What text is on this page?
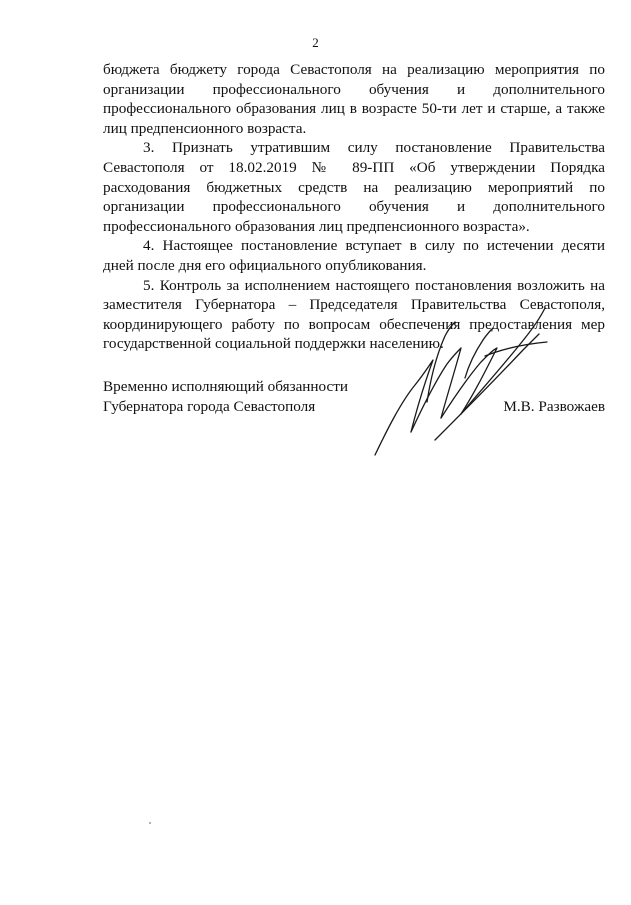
2

бюджета бюджету города Севастополя на реализацию мероприятия по организации профессионального обучения и дополнительного профессионального образования лиц в возрасте 50-ти лет и старше, а также лиц предпенсионного возраста.

3. Признать утратившим силу постановление Правительства Севастополя от 18.02.2019 № 89-ПП «Об утверждении Порядка расходования бюджетных средств на реализацию мероприятий по организации профессионального обучения и дополнительного профессионального образования лиц предпенсионного возраста».

4. Настоящее постановление вступает в силу по истечении десяти дней после дня его официального опубликования.

5. Контроль за исполнением настоящего постановления возложить на заместителя Губернатора – Председателя Правительства Севастополя, координирующего работу по вопросам обеспечения предоставления мер государственной социальной поддержки населению.

Временно исполняющий обязанности
Губернатора города Севастополя	М.В. Развожаев
